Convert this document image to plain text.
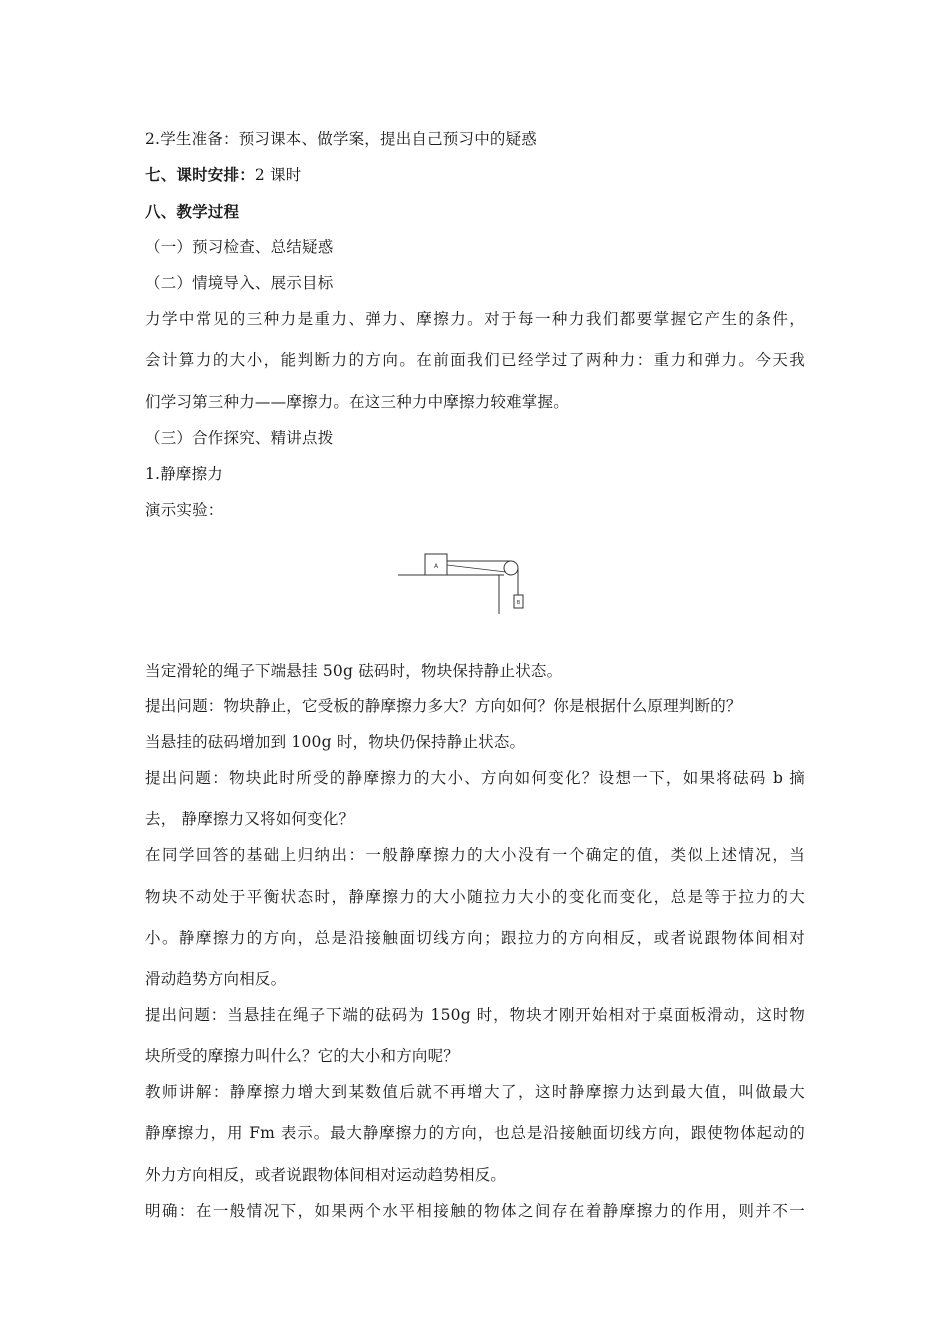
2.学生准备：预习课本、做学案，提出自己预习中的疑惑
七、课时安排：2 课时
八、教学过程
（一）预习检查、总结疑惑
（二）情境导入、展示目标
力学中常见的三种力是重力、弹力、摩擦力。对于每一种力我们都要掌握它产生的条件，
会计算力的大小，能判断力的方向。在前面我们已经学过了两种力：重力和弹力。今天我
们学习第三种力——摩擦力。在这三种力中摩擦力较难掌握。
（三）合作探究、精讲点拨
1.静摩擦力
演示实验：
A
B
当定滑轮的绳子下端悬挂 50g 砝码时，物块保持静止状态。
提出问题：物块静止，它受板的静摩擦力多大？方向如何？你是根据什么原理判断的？
当悬挂的砝码增加到 100g 时，物块仍保持静止状态。
提出问题：物块此时所受的静摩擦力的大小、方向如何变化？设想一下，如果将砝码 b 摘
去， 静摩擦力又将如何变化？
在同学回答的基础上归纳出：一般静摩擦力的大小没有一个确定的值，类似上述情况，当
物块不动处于平衡状态时，静摩擦力的大小随拉力大小的变化而变化，总是等于拉力的大
小。静摩擦力的方向，总是沿接触面切线方向；跟拉力的方向相反，或者说跟物体间相对
滑动趋势方向相反。
提出问题：当悬挂在绳子下端的砝码为 150g 时，物块才刚开始相对于桌面板滑动，这时物
块所受的摩擦力叫什么？它的大小和方向呢？
教师讲解：静摩擦力增大到某数值后就不再增大了，这时静摩擦力达到最大值，叫做最大
静摩擦力，用 Fm 表示。最大静摩擦力的方向，也总是沿接触面切线方向，跟使物体起动的
外力方向相反，或者说跟物体间相对运动趋势相反。
明确：在一般情况下，如果两个水平相接触的物体之间存在着静摩擦力的作用，则并不一
